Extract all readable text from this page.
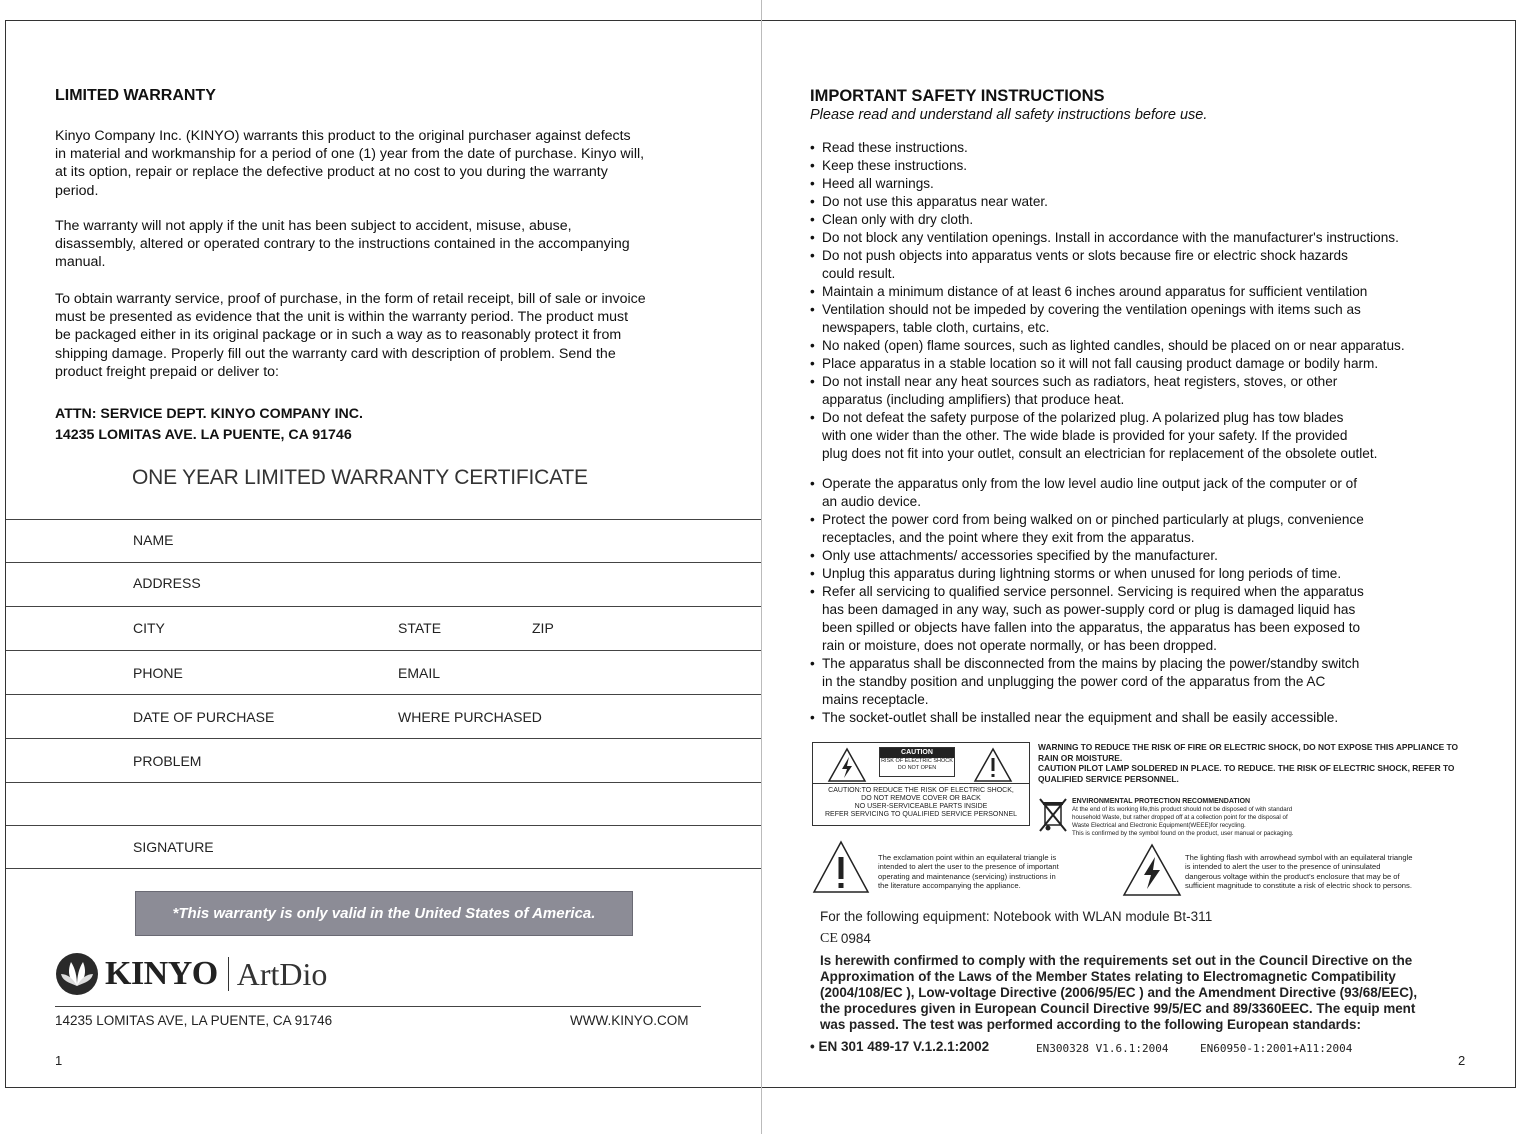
LIMITED WARRANTY
Kinyo Company Inc. (KINYO) warrants this product to the original purchaser against defects
in material and workmanship for a period of one (1) year from the date of purchase. Kinyo will,
at its option, repair or replace the defective product at no cost to you during the warranty
period.
The warranty will not apply if the unit has been subject to accident, misuse, abuse,
disassembly, altered or operated contrary to the instructions contained in the accompanying
manual.
To obtain warranty service, proof of purchase, in the form of retail receipt, bill of sale or invoice
must be presented as evidence that the unit is within the warranty period. The product must
be packaged either in its original package or in such a way as to reasonably protect it from
shipping damage. Properly fill out the warranty card with description of problem. Send the
product freight prepaid or deliver to:
ATTN: SERVICE DEPT. KINYO COMPANY INC.
14235 LOMITAS AVE. LA PUENTE, CA 91746
ONE YEAR LIMITED WARRANTY CERTIFICATE
NAME
ADDRESS
CITY	STATE	ZIP
PHONE	EMAIL
DATE OF PURCHASE	WHERE PURCHASED
PROBLEM
SIGNATURE
*This warranty is only valid in the United States of America.
KINYO ArtDio
14235 LOMITAS AVE, LA PUENTE, CA 91746	WWW.KINYO.COM
1
IMPORTANT SAFETY INSTRUCTIONS
Please read and understand all safety instructions before use.
• Read these instructions.
• Keep these instructions.
• Heed all warnings.
• Do not use this apparatus near water.
• Clean only with dry cloth.
• Do not block any ventilation openings. Install in accordance with the manufacturer's instructions.
• Do not push objects into apparatus vents or slots because fire or electric shock hazards
could result.
• Maintain a minimum distance of at least 6 inches around apparatus for sufficient ventilation
• Ventilation should not be impeded by covering the ventilation openings with items such as
newspapers, table cloth, curtains, etc.
• No naked (open) flame sources, such as lighted candles, should be placed on or near apparatus.
• Place apparatus in a stable location so it will not fall causing product damage or bodily harm.
• Do not install near any heat sources such as radiators, heat registers, stoves, or other
apparatus (including amplifiers) that produce heat.
• Do not defeat the safety purpose of the polarized plug. A polarized plug has tow blades
with one wider than the other. The wide blade is provided for your safety. If the provided
plug does not fit into your outlet, consult an electrician for replacement of the obsolete outlet.
• Operate the apparatus only from the low level audio line output jack of the computer or of
an audio device.
• Protect the power cord from being walked on or pinched particularly at plugs, convenience
receptacles, and the point where they exit from the apparatus.
• Only use attachments/ accessories specified by the manufacturer.
• Unplug this apparatus during lightning storms or when unused for long periods of time.
• Refer all servicing to qualified service personnel. Servicing is required when the apparatus
has been damaged in any way, such as power-supply cord or plug is damaged liquid has
been spilled or objects have fallen into the apparatus, the apparatus has been exposed to
rain or moisture, does not operate normally, or has been dropped.
• The apparatus shall be disconnected from the mains by placing the power/standby switch
in the standby position and unplugging the power cord of the apparatus from the AC
mains receptacle.
• The socket-outlet shall be installed near the equipment and shall be easily accessible.
CAUTION
RISK OF ELECTRIC SHOCK
DO NOT OPEN
CAUTION:TO REDUCE THE RISK OF ELECTRIC SHOCK,
DO NOT REMOVE COVER OR BACK
NO USER-SERVICEABLE PARTS INSIDE
REFER SERVICING TO QUALIFIED SERVICE PERSONNEL
WARNING TO REDUCE THE RISK OF FIRE OR ELECTRIC SHOCK, DO NOT EXPOSE THIS APPLIANCE TO
RAIN OR MOISTURE.
CAUTION PILOT LAMP SOLDERED IN PLACE. TO REDUCE. THE RISK OF ELECTRIC SHOCK, REFER TO
QUALIFIED SERVICE PERSONNEL.
ENVIRONMENTAL PROTECTION RECOMMENDATION
At the end of its working life,this product should not be disposed of with standard
household Waste, but rather dropped off at a collection point for the disposal of
Waste Electrical and Electronic Equipment(WEEE)for recycling.
This is confirmed by the symbol found on the product, user manual or packaging.
The exclamation point within an equilateral triangle is
intended to alert the user to the presence of important
operating and maintenance (servicing) instructions in
the literature accompanying the appliance.
The lighting flash with arrowhead symbol with an equilateral triangle
is intended to alert the user to the presence of uninsulated
dangerous voltage within the product's enclosure that may be of
sufficient magnitude to constitute a risk of electric shock to persons.
For the following equipment: Notebook with WLAN module Bt-311
CE 0984
Is herewith confirmed to comply with the requirements set out in the Council Directive on the
Approximation of the Laws of the Member States relating to Electromagnetic Compatibility
(2004/108/EC ), Low-voltage Directive (2006/95/EC ) and the Amendment Directive (93/68/EEC),
the procedures given in European Council Directive 99/5/EC and 89/3360EEC. The equip ment
was passed. The test was performed according to the following European standards:
• EN 301 489-17 V.1.2.1:2002	EN300328 V1.6.1:2004	EN60950-1:2001+A11:2004
2
